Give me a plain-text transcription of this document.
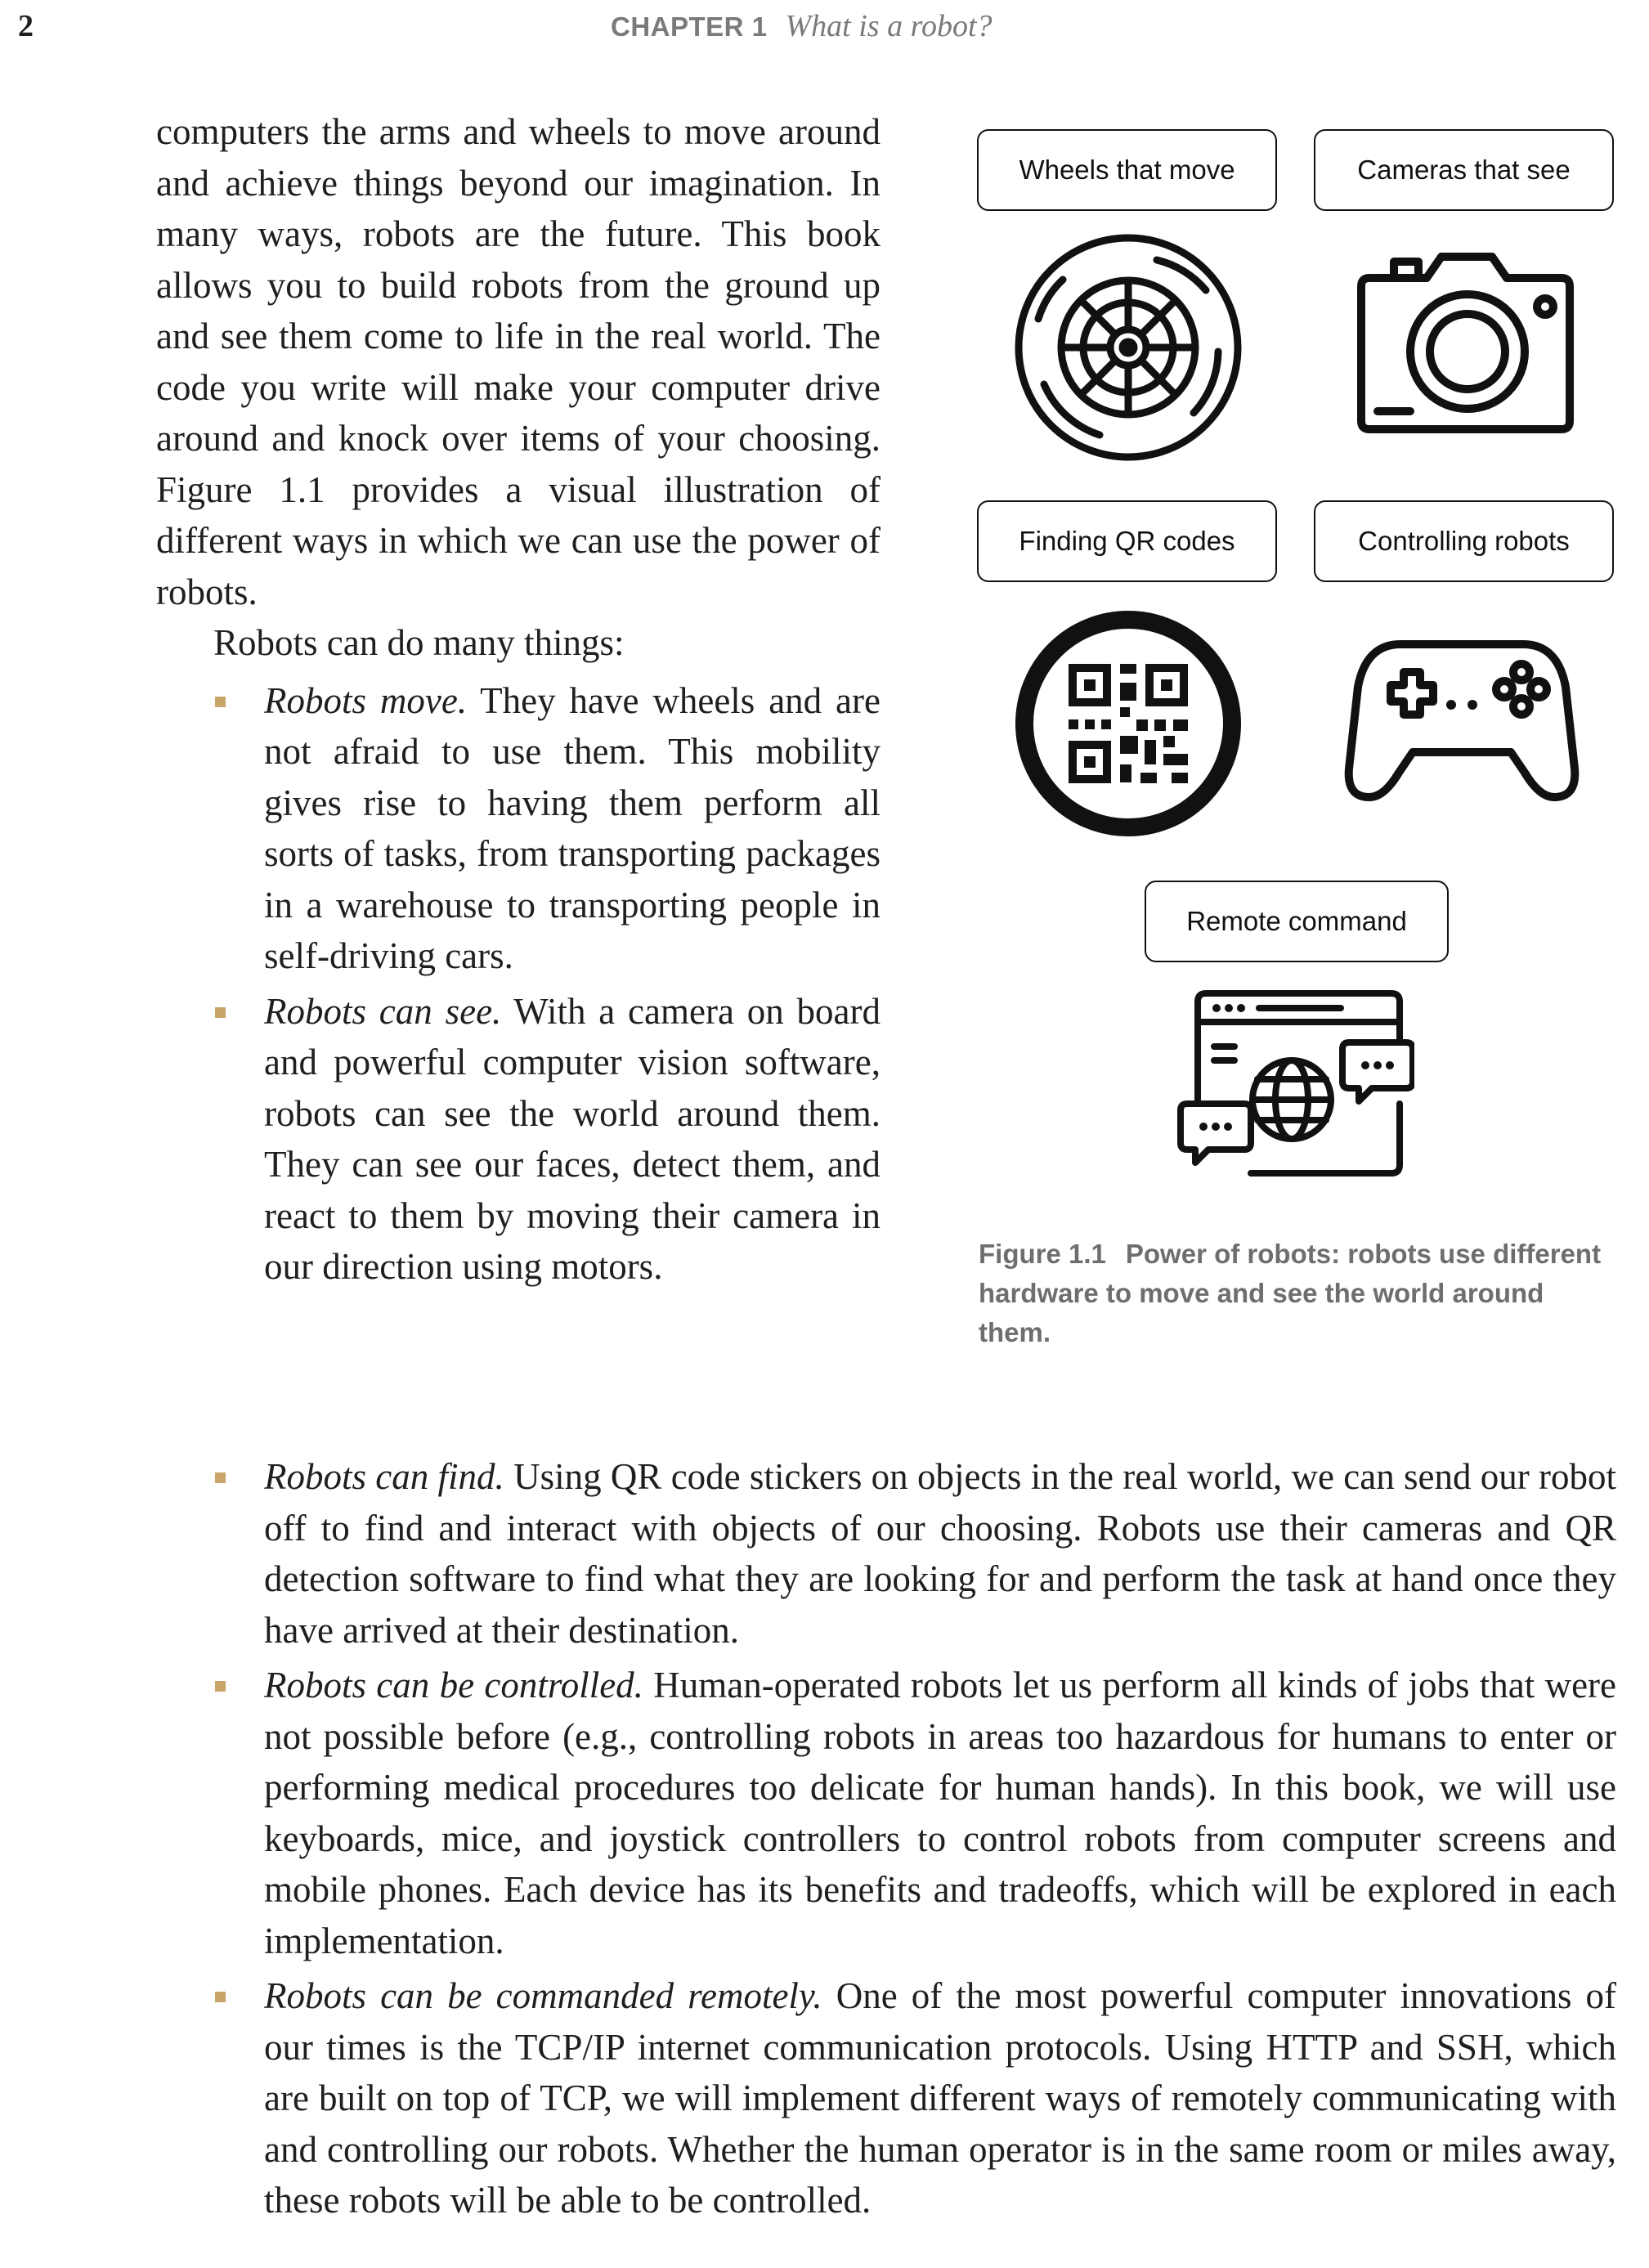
2	CHAPTER 1 What is a robot?

computers the arms and wheels to move around and achieve things beyond our imagination. In many ways, robots are the future. This book allows you to build robots from the ground up and see them come to life in the real world. The code you write will make your computer drive around and knock over items of your choosing. Figure 1.1 provides a visual illustration of different ways in which we can use the power of robots.

Robots can do many things:

Robots move. They have wheels and are not afraid to use them. This mobility gives rise to having them perform all sorts of tasks, from transporting packages in a warehouse to transporting people in self-driving cars.
Robots can see. With a camera on board and powerful computer vision software, robots can see the world around them. They can see our faces, detect them, and react to them by moving their camera in our direction using motors.
Robots can find. Using QR code stickers on objects in the real world, we can send our robot off to find and interact with objects of our choosing. Robots use their cameras and QR detection software to find what they are looking for and perform the task at hand once they have arrived at their destination.
Robots can be controlled. Human-operated robots let us perform all kinds of jobs that were not possible before (e.g., controlling robots in areas too hazardous for humans to enter or performing medical procedures too delicate for human hands). In this book, we will use keyboards, mice, and joystick controllers to control robots from computer screens and mobile phones. Each device has its benefits and tradeoffs, which will be explored in each implementation.
Robots can be commanded remotely. One of the most powerful computer innovations of our times is the TCP/IP internet communication protocols. Using HTTP and SSH, which are built on top of TCP, we will implement different ways of remotely communicating with and controlling our robots. Whether the human operator is in the same room or miles away, these robots will be able to be controlled.
Wheels that move	Cameras that see
Finding QR codes	Controlling robots
Remote command
Figure 1.1 Power of robots: robots use different hardware to move and see the world around them.
